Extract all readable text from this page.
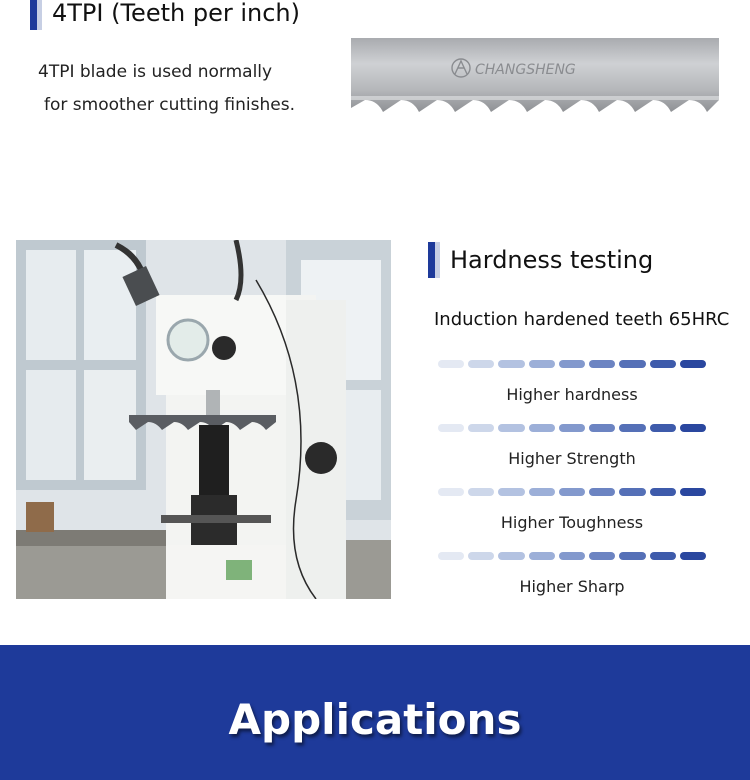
4TPI (Teeth per inch)
4TPI blade is used normally
for smoother cutting finishes.
CHANGSHENG
Hardness testing
Induction hardened teeth 65HRC
Higher hardness
Higher Strength
Higher Toughness
Higher Sharp
Applications
